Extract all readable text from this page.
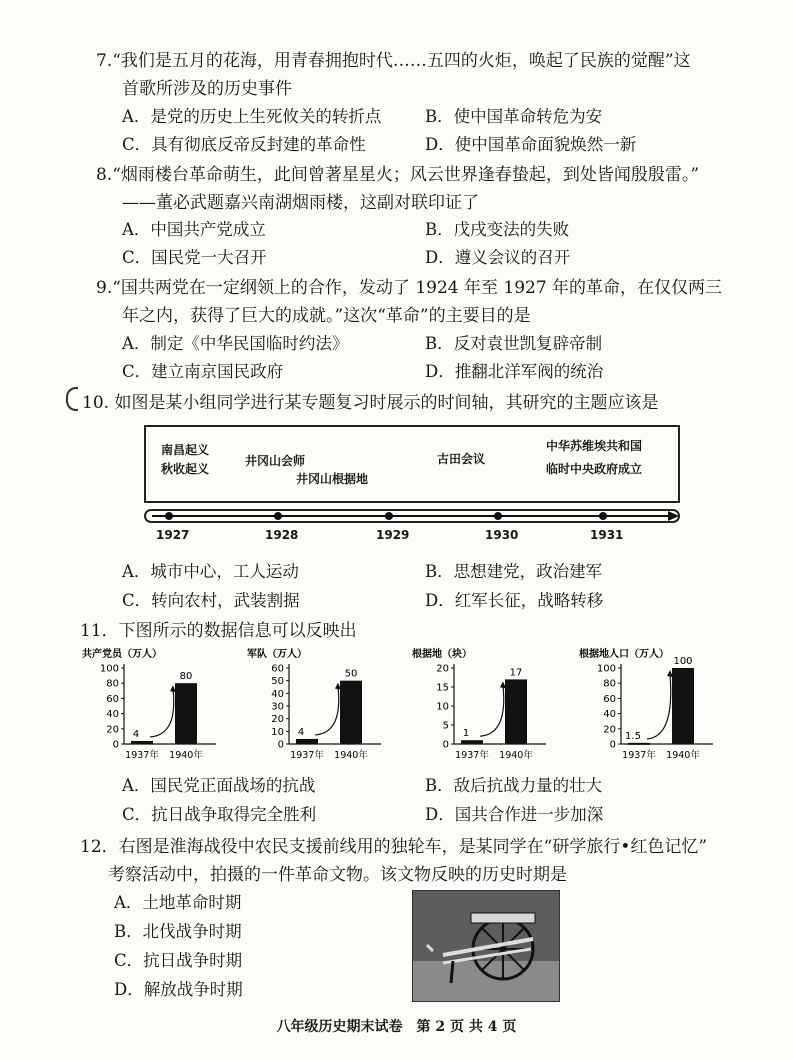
7.“我们是五月的花海，用青春拥抱时代……五四的火炬，唤起了民族的觉醒”这
首歌所涉及的历史事件
A．是党的历史上生死攸关的转折点	B．使中国革命转危为安
C．具有彻底反帝反封建的革命性	D．使中国革命面貌焕然一新
8.“烟雨楼台革命萌生，此间曾著星星火；风云世界逢春蛰起，到处皆闻殷殷雷。”
——董必武题嘉兴南湖烟雨楼，这副对联印证了
A．中国共产党成立	B．戊戌变法的失败
C．国民党一大召开	D．遵义会议的召开
9.“国共两党在一定纲领上的合作，发动了 1924 年至 1927 年的革命，在仅仅两三
年之内，获得了巨大的成就。”这次“革命”的主要目的是
A．制定《中华民国临时约法》	B．反对袁世凯复辟帝制
C．建立南京国民政府	D．推翻北洋军阀的统治
10. 如图是某小组同学进行某专题复习时展示的时间轴，其研究的主题应该是
南昌起义
秋收起义
井冈山会师
井冈山根据地
古田会议
中华苏维埃共和国
临时中央政府成立
1927	1928	1929	1930	1931
A．城市中心，工人运动	B．思想建党，政治建军
C．转向农村，武装割据	D．红军长征，战略转移
11．下图所示的数据信息可以反映出
共产党员（万人）
0
20
40
60
80
100
4
1937年
80
1940年
军队（万人）
0
10
20
30
40
50
60
4
1937年
50
1940年
根据地（块）
0
5
10
15
20
1
1937年
17
1940年
根据地人口（万人）
0
20
40
60
80
100
1.5
1937年
100
1940年
A．国民党正面战场的抗战	B．敌后抗战力量的壮大
C．抗日战争取得完全胜利	D．国共合作进一步加深
12．右图是淮海战役中农民支援前线用的独轮车，是某同学在“研学旅行•红色记忆”
考察活动中，拍摄的一件革命文物。该文物反映的历史时期是
A．土地革命时期
B．北伐战争时期
C．抗日战争时期
D．解放战争时期
八年级历史期末试卷　第 2 页 共 4 页
